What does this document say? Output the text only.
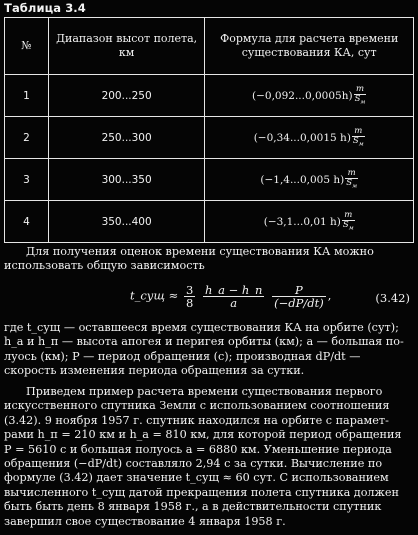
Таблица 3.4
№	Диапазон высот полета, км	Формула для расчета времени существования КА, сут
1	200...250	$(-0,092...0,0005h) \frac{m}{S_м}$

2	250...300	(−0,34...0,0015 $h) \frac{m}{S_м}$

3	300...350	(−1,4...0,005 $h) \frac{m}{S_м}$

4	350...400	(−3,1...0,01 $h) \frac{m}{S_м}$
Для получения оценок времени существования КА можно
использовать общую зависимость
t_сущ ≈ $\frac{3}{8}$
$\frac{h\_a - h\_п}{a}$
$\frac{P}{(-dP/dt)}$ ,	(3.42)
где t_сущ — оставшееся время существования КА на орбите (сут);
h_a и h_п — высота апогея и перигея орбиты (км); a — большая по-
луось (км); P — период обращения (с); производная dP/dt —
скорость изменения периода обращения за сутки.
Приведем пример расчета времени существования первого
искусственного спутника Земли с использованием соотношения
(3.42). 9 ноября 1957 г. спутник находился на орбите с парамет-
рами h_п = 210 км и h_a = 810 км, для которой период обращения
P = 5610 с и большая полуось a = 6880 км. Уменьшение периода
обращения (−dP/dt) составляло 2,94 с за сутки. Вычисление по
формуле (3.42) дает значение t_сущ ≈ 60 сут. С использованием
вычисленного t_сущ датой прекращения полета спутника должен
быть быть день 8 января 1958 г., а в действительности спутник
завершил свое существование 4 января 1958 г.
